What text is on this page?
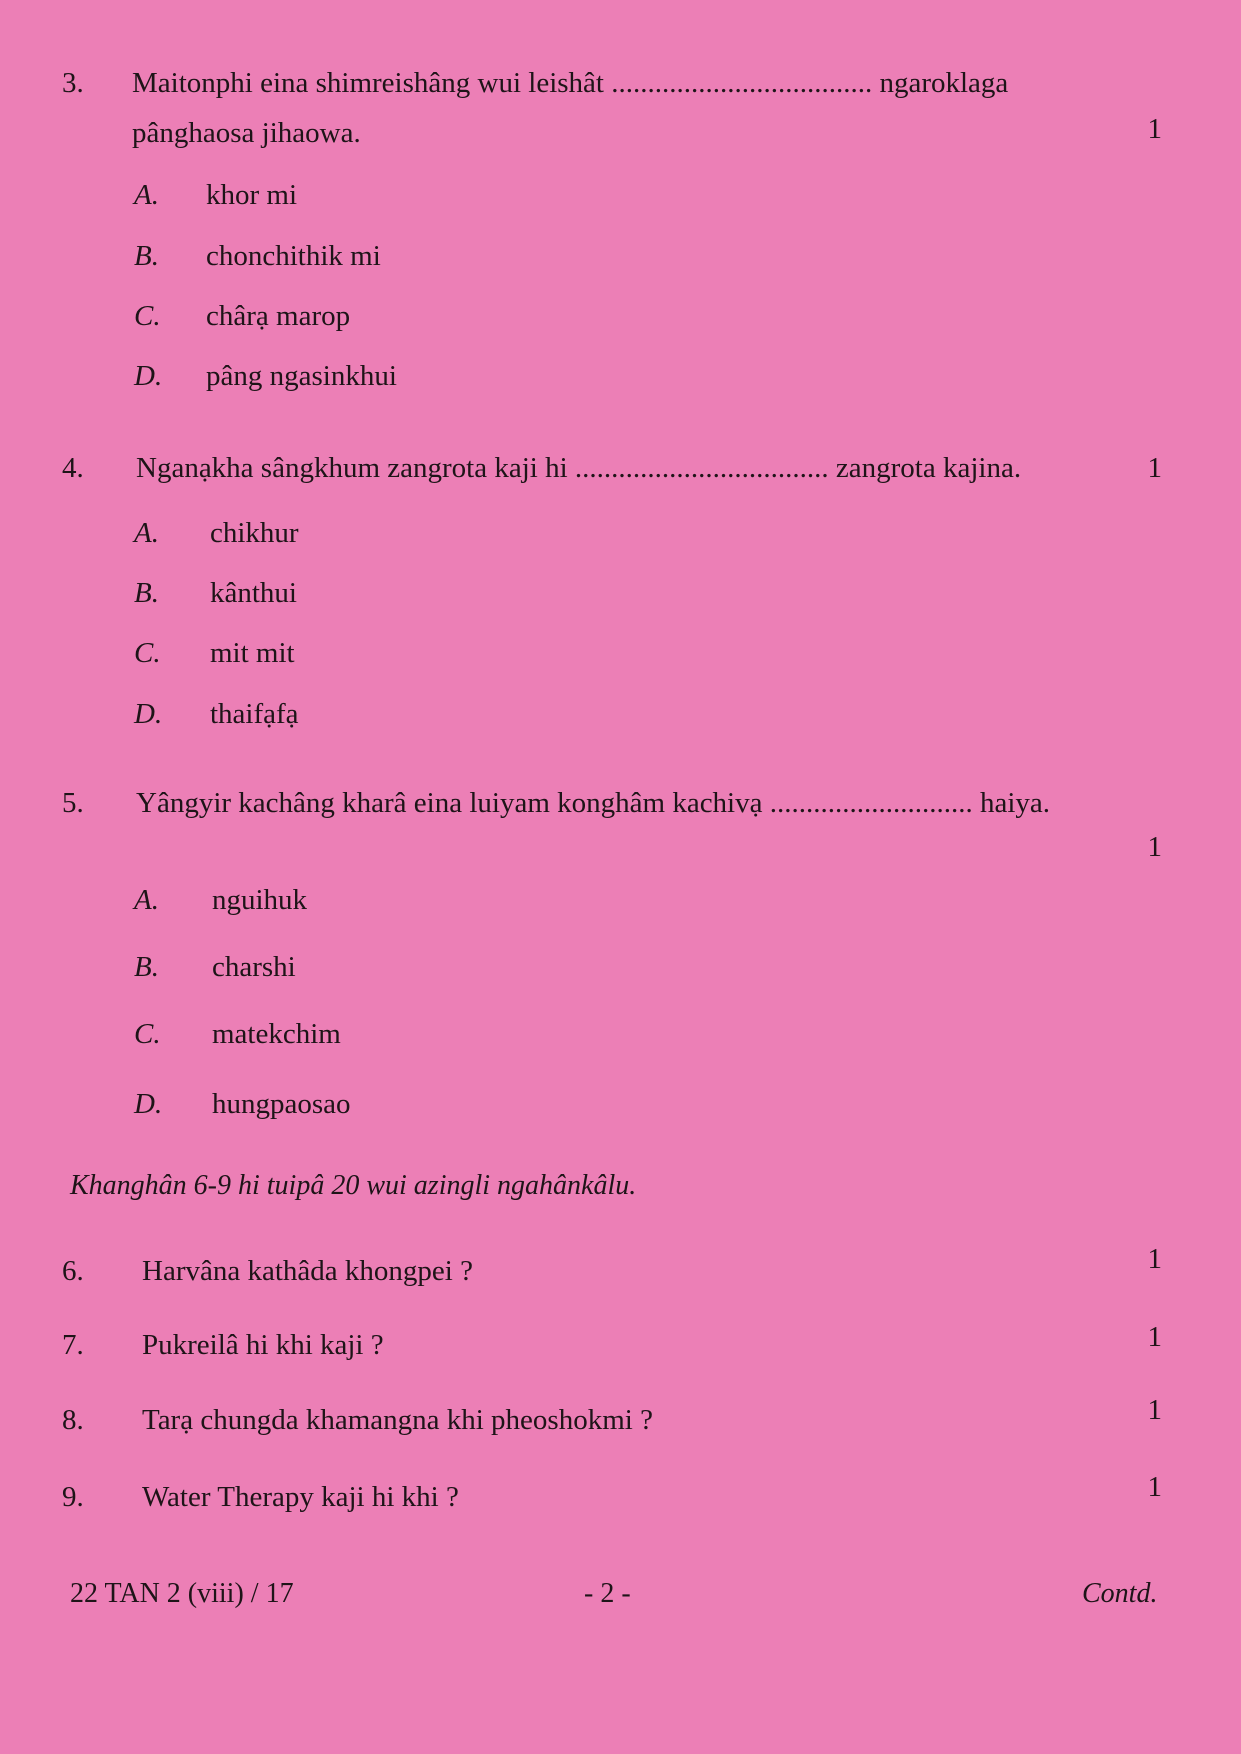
3.	Maitonphi eina shimreishâng wui leishât .................................... ngaroklaga
pânghaosa jihaowa.	1
A.	khor mi
B.	chonchithik mi
C.	chârạ marop
D.	pâng ngasinkhui
4.	Nganạkha sângkhum zangrota kaji hi ................................... zangrota kajina.	1
A.	chikhur
B.	kânthui
C.	mit mit
D.	thaifạfạ
5.	Yângyir kachâng kharâ eina luiyam konghâm kachivạ ............................ haiya.
1
A.	nguihuk
B.	charshi
C.	matekchim
D.	hungpaosao
Khanghân 6-9 hi tuipâ 20 wui azingli ngahânkâlu.
6.	Harvâna kathâda khongpei ?	1
7.	Pukreilâ hi khi kaji ?	1
8.	Tarạ chungda khamangna khi pheoshokmi ?	1
9.	Water Therapy kaji hi khi ?	1
22 TAN 2 (viii) / 17	- 2 -	Contd.
